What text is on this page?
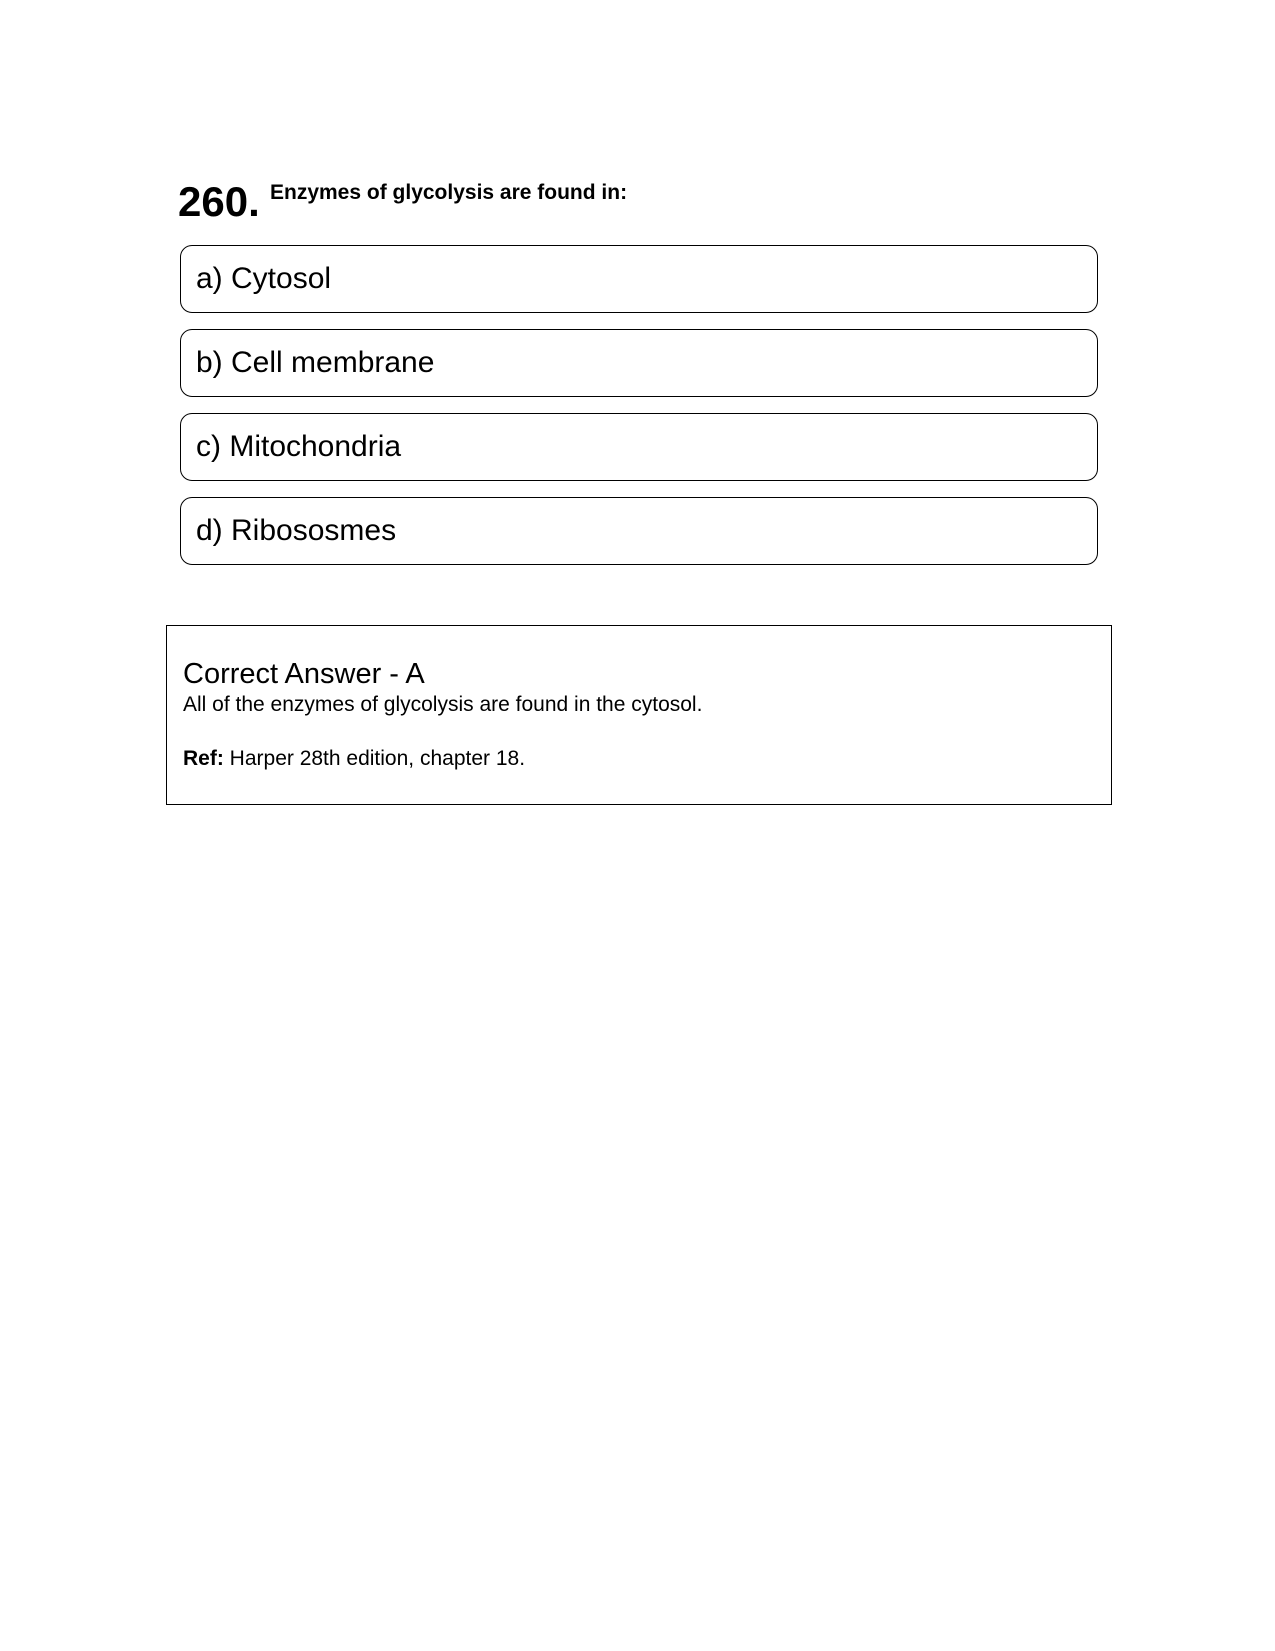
260. Enzymes of glycolysis are found in:
a) Cytosol
b) Cell membrane
c) Mitochondria
d) Ribososmes

Correct Answer - A

All of the enzymes of glycolysis are found in the cytosol.

Ref: Harper 28th edition, chapter 18.
